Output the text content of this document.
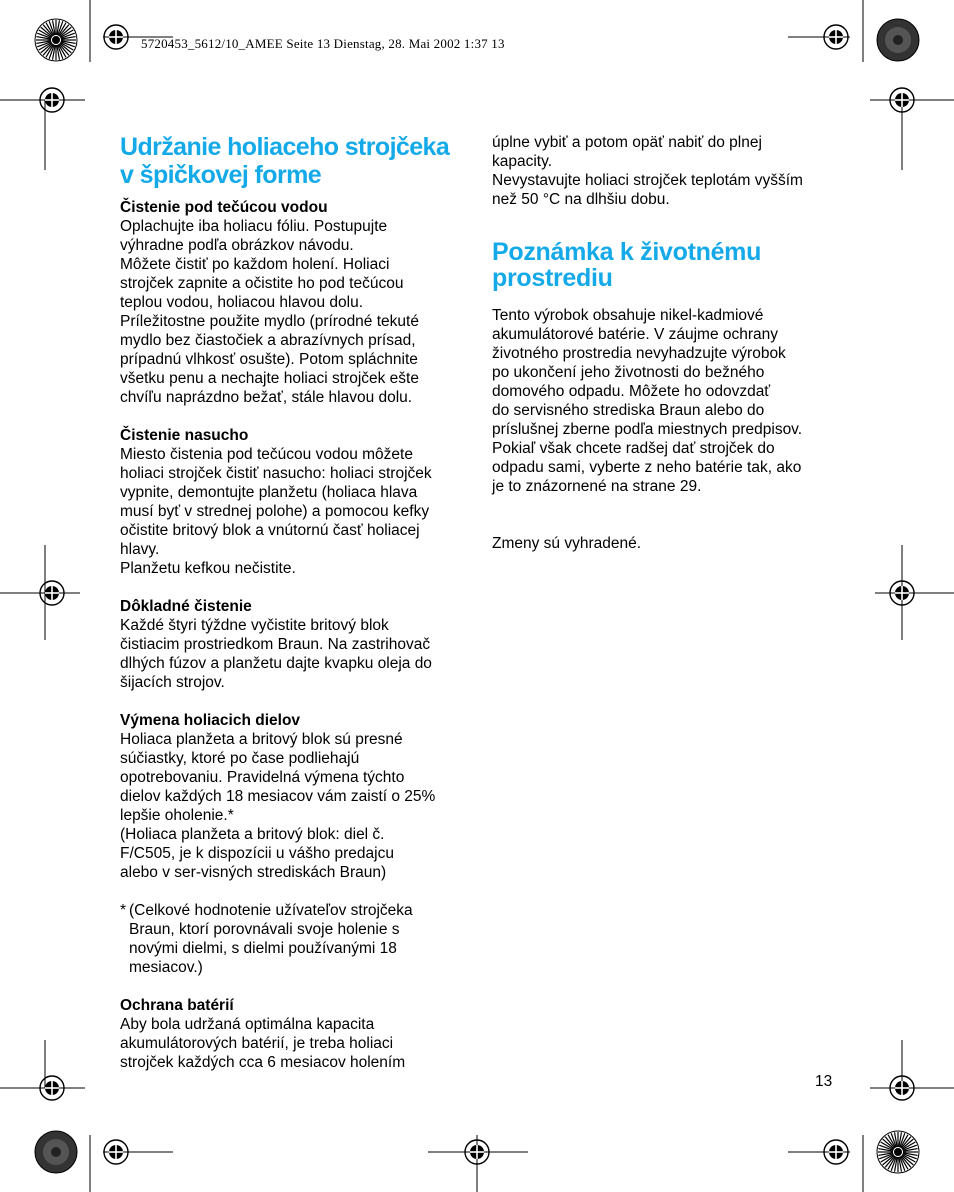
5720453_5612/10_AMEE Seite 13 Dienstag, 28. Mai 2002 1:37 13
Udržanie holiaceho strojčeka v špičkovej forme
Čistenie pod tečúcou vodou
Oplachujte iba holiacu fóliu. Postupujte
výhradne podľa obrázkov návodu.
Môžete čistiť po každom holení. Holiaci
strojček zapnite a očistite ho pod tečúcou
teplou vodou, holiacou hlavou dolu.
Príležitostne použite mydlo (prírodné tekuté
mydlo bez čiastočiek a abrazívnych prísad,
prípadnú vlhkosť osušte). Potom spláchnite
všetku penu a nechajte holiaci strojček ešte
chvíľu naprázdno bežať, stále hlavou dolu.
Čistenie nasucho
Miesto čistenia pod tečúcou vodou môžete
holiaci strojček čistiť nasucho: holiaci strojček
vypnite, demontujte planžetu (holiaca hlava
musí byť v strednej polohe) a pomocou kefky
očistite britový blok a vnútornú časť holiacej
hlavy.
Planžetu kefkou nečistite.
Dôkladné čistenie
Každé štyri týždne vyčistite britový blok
čistiacim prostriedkom Braun. Na zastrihovač
dlhých fúzov a planžetu dajte kvapku oleja do
šijacích strojov.
Výmena holiacich dielov
Holiaca planžeta a britový blok sú presné
súčiastky, ktoré po čase podliehajú
opotrebovaniu. Pravidelná výmena týchto
dielov každých 18 mesiacov vám zaistí o 25%
lepšie oholenie.*
(Holiaca planžeta a britový blok: diel č.
F/C505, je k dispozícii u vášho predajcu
alebo v ser-visných strediskách Braun)
* (Celkové hodnotenie užívateľov strojčeka
Braun, ktorí porovnávali svoje holenie s
novými dielmi, s dielmi používanými 18
mesiacov.)
Ochrana batérií
Aby bola udržaná optimálna kapacita
akumulátorových batérií, je treba holiaci
strojček každých cca 6 mesiacov holením
úplne vybiť a potom opäť nabiť do plnej
kapacity.
Nevystavujte holiaci strojček teplotám vyšším
než 50 °C na dlhšiu dobu.
Poznámka k životnému prostrediu
Tento výrobok obsahuje nikel-kadmiové
akumulátorové batérie. V záujme ochrany
životného prostredia nevyhadzujte výrobok
po ukončení jeho životnosti do bežného
domového odpadu. Môžete ho odovzdať
do servisného strediska Braun alebo do
príslušnej zberne podľa miestnych predpisov.
Pokiaľ však chcete radšej dať strojček do
odpadu sami, vyberte z neho batérie tak, ako
je to znázornené na strane 29.
Zmeny sú vyhradené.
13
